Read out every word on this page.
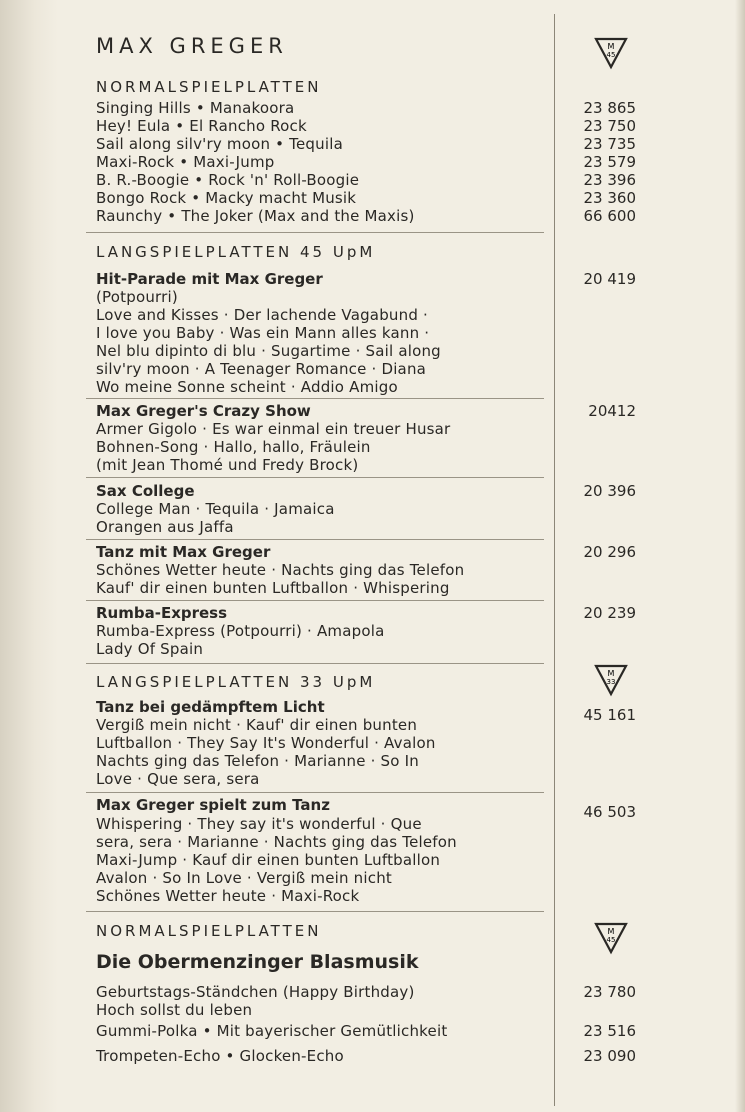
M
45
M
33
M
45
MAX GREGER
NORMALSPIELPLATTEN
Singing Hills • Manakoora	23 865
Hey! Eula • El Rancho Rock	23 750
Sail along silv'ry moon • Tequila	23 735
Maxi-Rock • Maxi-Jump	23 579
B. R.-Boogie • Rock 'n' Roll-Boogie	23 396
Bongo Rock • Macky macht Musik	23 360
Raunchy • The Joker (Max and the Maxis)	66 600
LANGSPIELPLATTEN 45 UpM
Hit-Parade mit Max Greger	20 419
(Potpourri)
Love and Kisses · Der lachende Vagabund ·
I love you Baby · Was ein Mann alles kann ·
Nel blu dipinto di blu · Sugartime · Sail along
silv'ry moon · A Teenager Romance · Diana
Wo meine Sonne scheint · Addio Amigo
Max Greger's Crazy Show	20412
Armer Gigolo · Es war einmal ein treuer Husar
Bohnen-Song · Hallo, hallo, Fräulein
(mit Jean Thomé und Fredy Brock)
Sax College	20 396
College Man · Tequila · Jamaica
Orangen aus Jaffa
Tanz mit Max Greger	20 296
Schönes Wetter heute · Nachts ging das Telefon
Kauf' dir einen bunten Luftballon · Whispering
Rumba-Express	20 239
Rumba-Express (Potpourri) · Amapola
Lady Of Spain
LANGSPIELPLATTEN 33 UpM
Tanz bei gedämpftem Licht	45 161
Vergiß mein nicht · Kauf' dir einen bunten
Luftballon · They Say It's Wonderful · Avalon
Nachts ging das Telefon · Marianne · So In
Love · Que sera, sera
Max Greger spielt zum Tanz	46 503
Whispering · They say it's wonderful · Que
sera, sera · Marianne · Nachts ging das Telefon
Maxi-Jump · Kauf dir einen bunten Luftballon
Avalon · So In Love · Vergiß mein nicht
Schönes Wetter heute · Maxi-Rock
NORMALSPIELPLATTEN
Die Obermenzinger Blasmusik
Geburtstags-Ständchen (Happy Birthday)	23 780
Hoch sollst du leben
Gummi-Polka • Mit bayerischer Gemütlichkeit	23 516
Trompeten-Echo • Glocken-Echo	23 090
